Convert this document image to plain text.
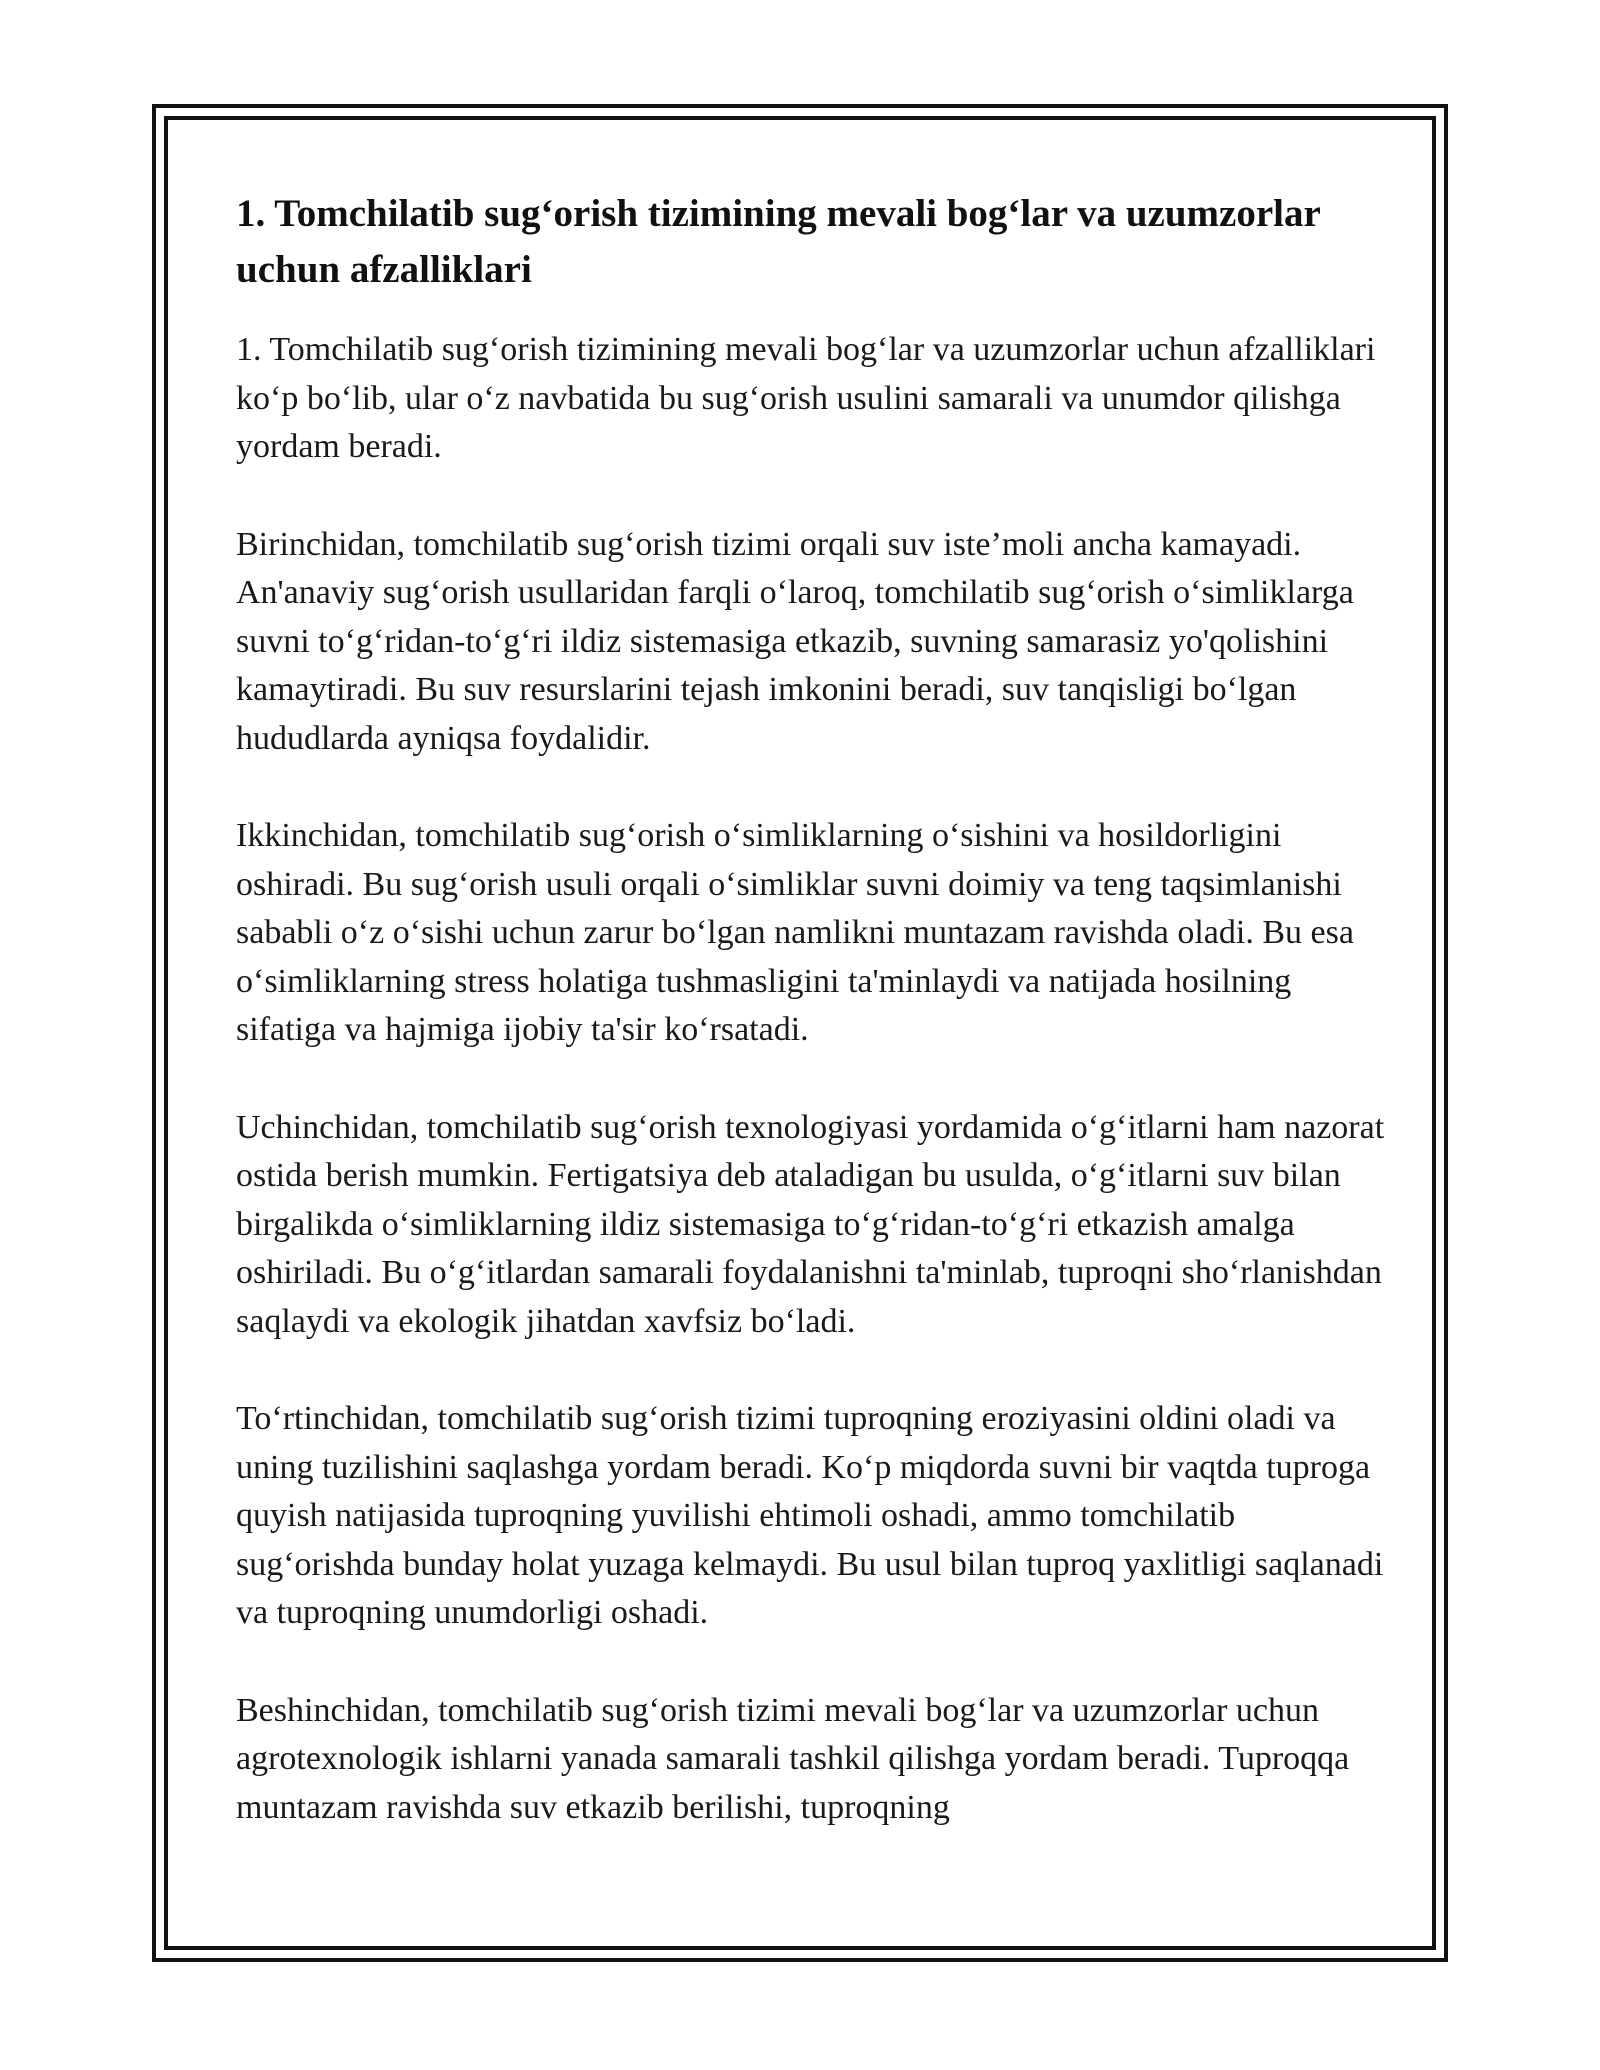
1. Tomchilatib sug‘orish tizimining mevali bog‘lar va uzumzorlar uchun afzalliklari

1. Tomchilatib sug‘orish tizimining mevali bog‘lar va uzumzorlar uchun afzalliklari ko‘p bo‘lib, ular o‘z navbatida bu sug‘orish usulini samarali va unumdor qilishga yordam beradi.

Birinchidan, tomchilatib sug‘orish tizimi orqali suv iste’moli ancha kamayadi. An'anaviy sug‘orish usullaridan farqli o‘laroq, tomchilatib sug‘orish o‘simliklarga suvni to‘g‘ridan-to‘g‘ri ildiz sistemasiga etkazib, suvning samarasiz yo'qolishini kamaytiradi. Bu suv resurslarini tejash imkonini beradi, suv tanqisligi bo‘lgan hududlarda ayniqsa foydalidir.

Ikkinchidan, tomchilatib sug‘orish o‘simliklarning o‘sishini va hosildorligini oshiradi. Bu sug‘orish usuli orqali o‘simliklar suvni doimiy va teng taqsimlanishi sababli o‘z o‘sishi uchun zarur bo‘lgan namlikni muntazam ravishda oladi. Bu esa o‘simliklarning stress holatiga tushmasligini ta'minlaydi va natijada hosilning sifatiga va hajmiga ijobiy ta'sir ko‘rsatadi.

Uchinchidan, tomchilatib sug‘orish texnologiyasi yordamida o‘g‘itlarni ham nazorat ostida berish mumkin. Fertigatsiya deb ataladigan bu usulda, o‘g‘itlarni suv bilan birgalikda o‘simliklarning ildiz sistemasiga to‘g‘ridan-to‘g‘ri etkazish amalga oshiriladi. Bu o‘g‘itlardan samarali foydalanishni ta'minlab, tuproqni sho‘rlanishdan saqlaydi va ekologik jihatdan xavfsiz bo‘ladi.

To‘rtinchidan, tomchilatib sug‘orish tizimi tuproqning eroziyasini oldini oladi va uning tuzilishini saqlashga yordam beradi. Ko‘p miqdorda suvni bir vaqtda tuproga quyish natijasida tuproqning yuvilishi ehtimoli oshadi, ammo tomchilatib sug‘orishda bunday holat yuzaga kelmaydi. Bu usul bilan tuproq yaxlitligi saqlanadi va tuproqning unumdorligi oshadi.

Beshinchidan, tomchilatib sug‘orish tizimi mevali bog‘lar va uzumzorlar uchun agrotexnologik ishlarni yanada samarali tashkil qilishga yordam beradi. Tuproqqa muntazam ravishda suv etkazib berilishi, tuproqning
